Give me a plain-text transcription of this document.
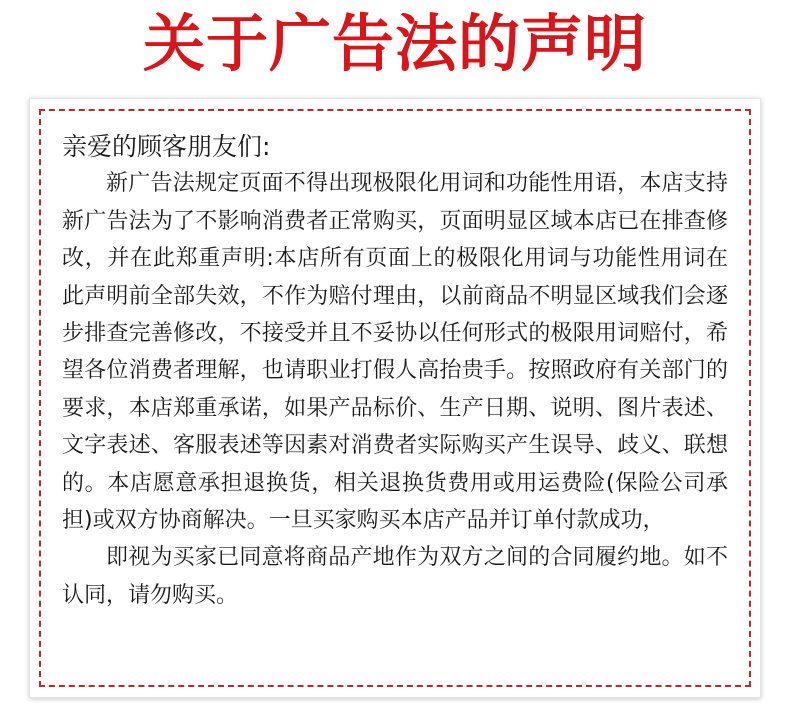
关于广告法的声明
亲爱的顾客朋友们:
新广告法规定页面不得出现极限化用词和功能性用语，本店支持新广告法为了不影响消费者正常购买，页面明显区域本店已在排查修改，并在此郑重声明:本店所有页面上的极限化用词与功能性用词在此声明前全部失效，不作为赔付理由，以前商品不明显区域我们会逐步排查完善修改，不接受并且不妥协以任何形式的极限用词赔付，希望各位消费者理解，也请职业打假人高抬贵手。按照政府有关部门的要求，本店郑重承诺，如果产品标价、生产日期、说明、图片表述、文字表述、客服表述等因素对消费者实际购买产生误导、歧义、联想的。本店愿意承担退换货，相关退换货费用或用运费险(保险公司承担)或双方协商解决。一旦买家购买本店产品并订单付款成功，
即视为买家已同意将商品产地作为双方之间的合同履约地。如不认同，请勿购买。
